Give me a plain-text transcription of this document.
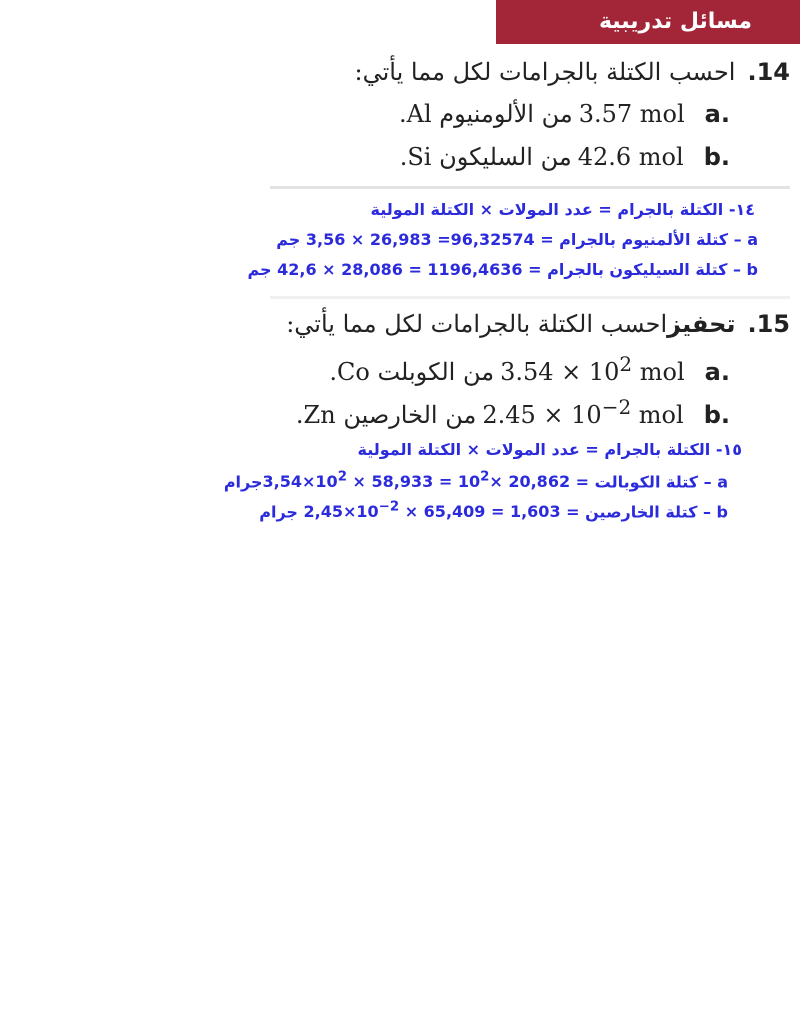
مسائل تدريبية
14.احسب الكتلة بالجرامات لكل مما يأتي:
.a3.57 molمن الألومنيوم Al.
.b42.6 molمن السليكون Si.
١٤- الكتلة بالجرام = عدد المولات × الكتلة المولية
a – كتلة الألمنيوم بالجرام = 3,56 × 26,983 =96,32574 جم
b – كتلة السيليكون بالجرام = 42,6 × 28,086 = 1196,4636 جم
15.تحفيزاحسب الكتلة بالجرامات لكل مما يأتي:
$.a3.54 \times 10^2$ molمن الكوبلت Co.
$.b2.45 \times 10^{-2}$ molمن الخارصين Zn.
١٥- الكتلة بالجرام = عدد المولات × الكتلة المولية
a – كتلة الكوبالت = $3,54\times 10^2 \times 58,933 = 10^2\times$ 20,862جرام
b – كتلة الخارصين = $2,45\times 10^{-2} \times 65,409 = 1,603$ جرام
